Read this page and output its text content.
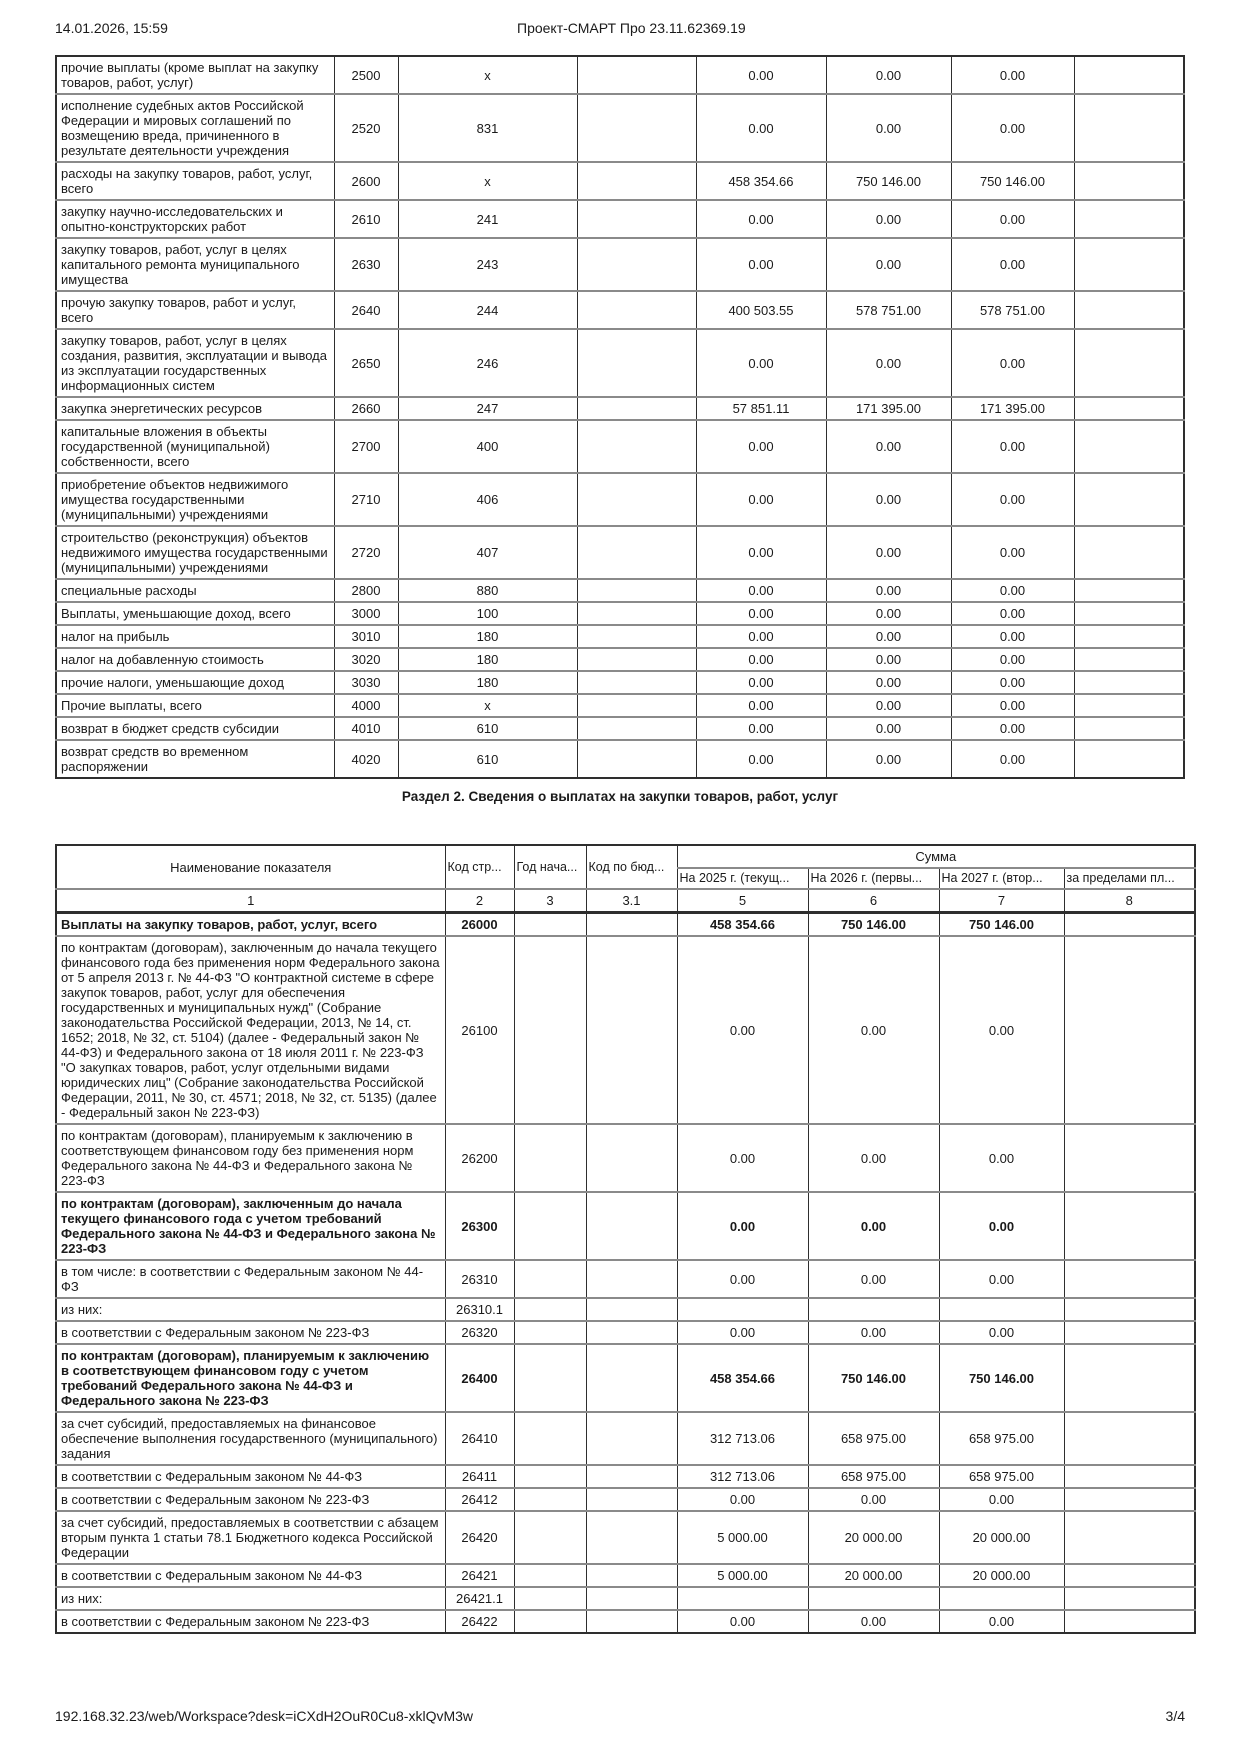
14.01.2026, 15:59	Проект-СМАРТ Про 23.11.62369.19
прочие выплаты (кроме выплат на закупку товаров, работ, услуг)	2500	х		0.00	0.00	0.00	
исполнение судебных актов Российской Федерации и мировых соглашений по возмещению вреда, причиненного в результате деятельности учреждения	2520	831		0.00	0.00	0.00	
расходы на закупку товаров, работ, услуг, всего	2600	х		458 354.66	750 146.00	750 146.00	
закупку научно-исследовательских и опытно-конструкторских работ	2610	241		0.00	0.00	0.00	
закупку товаров, работ, услуг в целях капитального ремонта муниципального имущества	2630	243		0.00	0.00	0.00	
прочую закупку товаров, работ и услуг, всего	2640	244		400 503.55	578 751.00	578 751.00	
закупку товаров, работ, услуг в целях создания, развития, эксплуатации и вывода из эксплуатации государственных информационных систем	2650	246		0.00	0.00	0.00	
закупка энергетических ресурсов	2660	247		57 851.11	171 395.00	171 395.00	
капитальные вложения в объекты государственной (муниципальной) собственности, всего	2700	400		0.00	0.00	0.00	
приобретение объектов недвижимого имущества государственными (муниципальными) учреждениями	2710	406		0.00	0.00	0.00	
строительство (реконструкция) объектов недвижимого имущества государственными (муниципальными) учреждениями	2720	407		0.00	0.00	0.00	
специальные расходы	2800	880		0.00	0.00	0.00	
Выплаты, уменьшающие доход, всего	3000	100		0.00	0.00	0.00	
налог на прибыль	3010	180		0.00	0.00	0.00	
налог на добавленную стоимость	3020	180		0.00	0.00	0.00	
прочие налоги, уменьшающие доход	3030	180		0.00	0.00	0.00	
Прочие выплаты, всего	4000	х		0.00	0.00	0.00	
возврат в бюджет средств субсидии	4010	610		0.00	0.00	0.00	
возврат средств во временном распоряжении	4020	610		0.00	0.00	0.00	
Раздел 2. Сведения о выплатах на закупки товаров, работ, услуг
Наименование показателя	Код стр...	Год нача...	Код по бюд...	Сумма			
				На 2025 г. (текущ...	На 2026 г. (первы...	На 2027 г. (втор...	за пределами пл...
1	2	3	3.1	5	6	7	8
Выплаты на закупку товаров, работ, услуг, всего	26000			458 354.66	750 146.00	750 146.00	
по контрактам (договорам), заключенным до начала текущего финансового года без применения норм Федерального закона от 5 апреля 2013 г. № 44-ФЗ "О контрактной системе в сфере закупок товаров, работ, услуг для обеспечения государственных и муниципальных нужд" (Собрание законодательства Российской Федерации, 2013, № 14, ст. 1652; 2018, № 32, ст. 5104) (далее - Федеральный закон № 44-ФЗ) и Федерального закона от 18 июля 2011 г. № 223-ФЗ "О закупках товаров, работ, услуг отдельными видами юридических лиц" (Собрание законодательства Российской Федерации, 2011, № 30, ст. 4571; 2018, № 32, ст. 5135) (далее - Федеральный закон № 223-ФЗ)	26100			0.00	0.00	0.00	
по контрактам (договорам), планируемым к заключению в соответствующем финансовом году без применения норм Федерального закона № 44-ФЗ и Федерального закона № 223-ФЗ	26200			0.00	0.00	0.00	
по контрактам (договорам), заключенным до начала текущего финансового года с учетом требований Федерального закона № 44-ФЗ и Федерального закона № 223-ФЗ	26300			0.00	0.00	0.00	
в том числе: в соответствии с Федеральным законом № 44-ФЗ	26310			0.00	0.00	0.00	
из них:	26310.1						
в соответствии с Федеральным законом № 223-ФЗ	26320			0.00	0.00	0.00	
по контрактам (договорам), планируемым к заключению в соответствующем финансовом году с учетом требований Федерального закона № 44-ФЗ и Федерального закона № 223-ФЗ	26400			458 354.66	750 146.00	750 146.00	
за счет субсидий, предоставляемых на финансовое обеспечение выполнения государственного (муниципального) задания	26410			312 713.06	658 975.00	658 975.00	
в соответствии с Федеральным законом № 44-ФЗ	26411			312 713.06	658 975.00	658 975.00	
в соответствии с Федеральным законом № 223-ФЗ	26412			0.00	0.00	0.00	
за счет субсидий, предоставляемых в соответствии с абзацем вторым пункта 1 статьи 78.1 Бюджетного кодекса Российской Федерации	26420			5 000.00	20 000.00	20 000.00	
в соответствии с Федеральным законом № 44-ФЗ	26421			5 000.00	20 000.00	20 000.00	
из них:	26421.1						
в соответствии с Федеральным законом № 223-ФЗ	26422			0.00	0.00	0.00	
192.168.32.23/web/Workspace?desk=iCXdH2OuR0Cu8-xklQvM3w	3/4
